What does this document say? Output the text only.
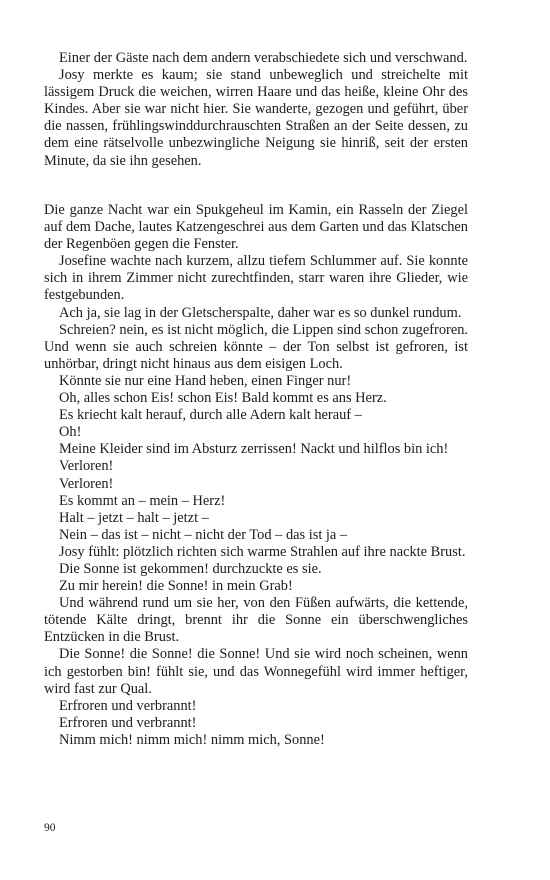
Einer der Gäste nach dem andern verabschiedete sich und verschwand.

Josy merkte es kaum; sie stand unbeweglich und streichelte mit lässigem Druck die weichen, wirren Haare und das heiße, kleine Ohr des Kindes. Aber sie war nicht hier. Sie wanderte, gezogen und geführt, über die nassen, frühlingswinddurchrauschten Straßen an der Seite dessen, zu dem eine rätselvolle unbezwingliche Neigung sie hinriß, seit der ersten Minute, da sie ihn gesehen.

Die ganze Nacht war ein Spukgeheul im Kamin, ein Rasseln der Ziegel auf dem Dache, lautes Katzengeschrei aus dem Garten und das Klatschen der Regenböen gegen die Fenster.

Josefine wachte nach kurzem, allzu tiefem Schlummer auf. Sie konnte sich in ihrem Zimmer nicht zurechtfinden, starr waren ihre Glieder, wie festgebunden.

Ach ja, sie lag in der Gletscherspalte, daher war es so dunkel rundum.

Schreien? nein, es ist nicht möglich, die Lippen sind schon zugefroren. Und wenn sie auch schreien könnte – der Ton selbst ist gefroren, ist unhörbar, dringt nicht hinaus aus dem eisigen Loch.

Könnte sie nur eine Hand heben, einen Finger nur!

Oh, alles schon Eis! schon Eis! Bald kommt es ans Herz.

Es kriecht kalt herauf, durch alle Adern kalt herauf –

Oh!

Meine Kleider sind im Absturz zerrissen! Nackt und hilflos bin ich!

Verloren!

Verloren!

Es kommt an – mein – Herz!

Halt – jetzt – halt – jetzt –

Nein – das ist – nicht – nicht der Tod – das ist ja –

Josy fühlt: plötzlich richten sich warme Strahlen auf ihre nackte Brust.

Die Sonne ist gekommen! durchzuckte es sie.

Zu mir herein! die Sonne! in mein Grab!

Und während rund um sie her, von den Füßen aufwärts, die kettende, tötende Kälte dringt, brennt ihr die Sonne ein überschwengliches Entzücken in die Brust.

Die Sonne! die Sonne! die Sonne! Und sie wird noch scheinen, wenn ich gestorben bin! fühlt sie, und das Wonnegefühl wird immer heftiger, wird fast zur Qual.

Erfroren und verbrannt!

Erfroren und verbrannt!

Nimm mich! nimm mich! nimm mich, Sonne!

90
